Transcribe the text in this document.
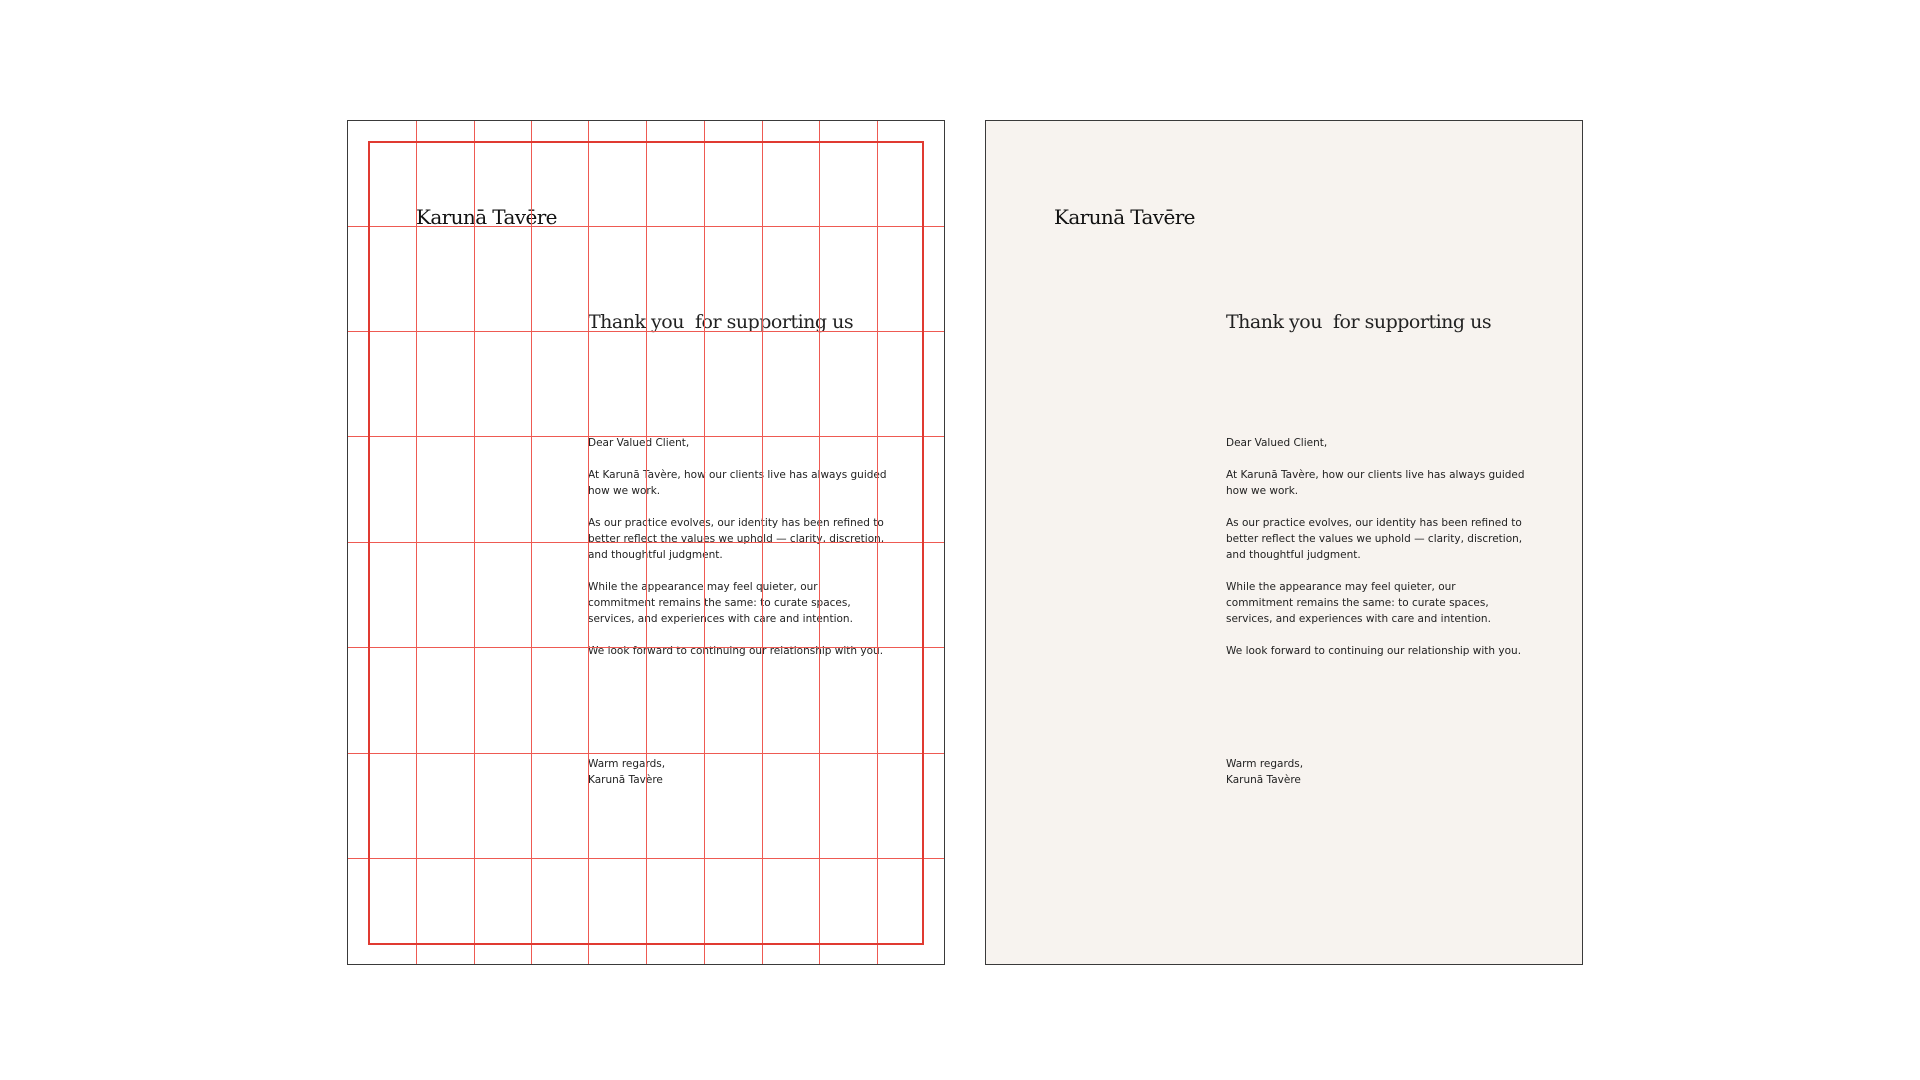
Karunā Tavēre
Thank you  for supporting us

Dear Valued Client,

At Karunā Tavère, how our clients live has always guided how we work.

As our practice evolves, our identity has been refined to better reflect the values we uphold — clarity, discretion, and thoughtful judgment.

While the appearance may feel quieter, our commitment remains the same: to curate spaces, services, and experiences with care and intention.

We look forward to continuing our relationship with you.

Warm regards,
Karunā Tavère
Karunā Tavēre
Thank you  for supporting us

Dear Valued Client,

At Karunā Tavère, how our clients live has always guided how we work.

As our practice evolves, our identity has been refined to better reflect the values we uphold — clarity, discretion, and thoughtful judgment.

While the appearance may feel quieter, our commitment remains the same: to curate spaces, services, and experiences with care and intention.

We look forward to continuing our relationship with you.

Warm regards,
Karunā Tavère
